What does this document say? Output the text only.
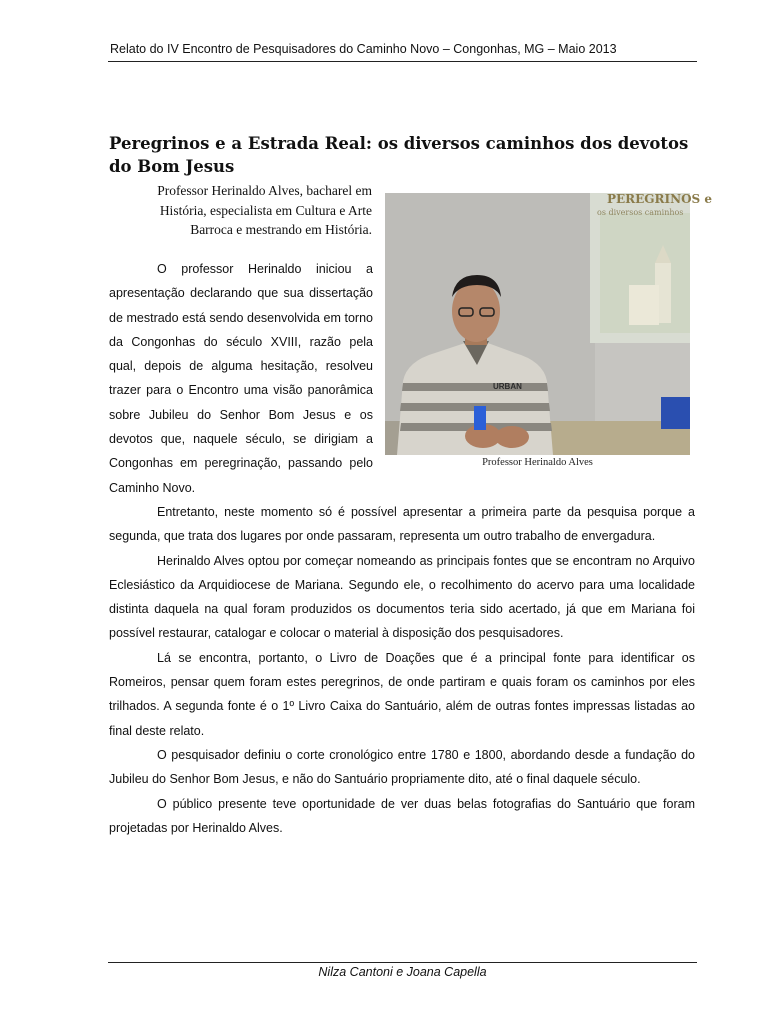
Relato do IV Encontro de Pesquisadores do Caminho Novo – Congonhas, MG – Maio 2013
Peregrinos e a Estrada Real: os diversos caminhos dos devotos do Bom Jesus
Professor Herinaldo Alves, bacharel em História, especialista em Cultura e Arte Barroca e mestrando em História.

O professor Herinaldo iniciou a apresentação declarando que sua dissertação de mestrado está sendo desenvolvida em torno da Congonhas do século XVIII, razão pela qual, depois de alguma hesitação, resolveu trazer para o Encontro uma visão panorâmica sobre Jubileu do Senhor Bom Jesus e os devotos que, naquele século, se dirigiam a Congonhas em peregrinação, passando pelo Caminho Novo.

PEREGRINOS e
os diversos caminhos
URBAN
Professor Herinaldo Alves

Entretanto, neste momento só é possível apresentar a primeira parte da pesquisa porque a segunda, que trata dos lugares por onde passaram, representa um outro trabalho de envergadura.

Herinaldo Alves optou por começar nomeando as principais fontes que se encontram no Arquivo Eclesiástico da Arquidiocese de Mariana. Segundo ele, o recolhimento do acervo para uma localidade distinta daquela na qual foram produzidos os documentos teria sido acertado, já que em Mariana foi possível restaurar, catalogar e colocar o material à disposição dos pesquisadores.

Lá se encontra, portanto, o Livro de Doações que é a principal fonte para identificar os Romeiros, pensar quem foram estes peregrinos, de onde partiram e quais foram os caminhos por eles trilhados. A segunda fonte é o 1º Livro Caixa do Santuário, além de outras fontes impressas listadas ao final deste relato.

O pesquisador definiu o corte cronológico entre 1780 e 1800, abordando desde a fundação do Jubileu do Senhor Bom Jesus, e não do Santuário propriamente dito, até o final daquele século.

O público presente teve oportunidade de ver duas belas fotografias do Santuário que foram projetadas por Herinaldo Alves.

Nilza Cantoni e Joana Capella
